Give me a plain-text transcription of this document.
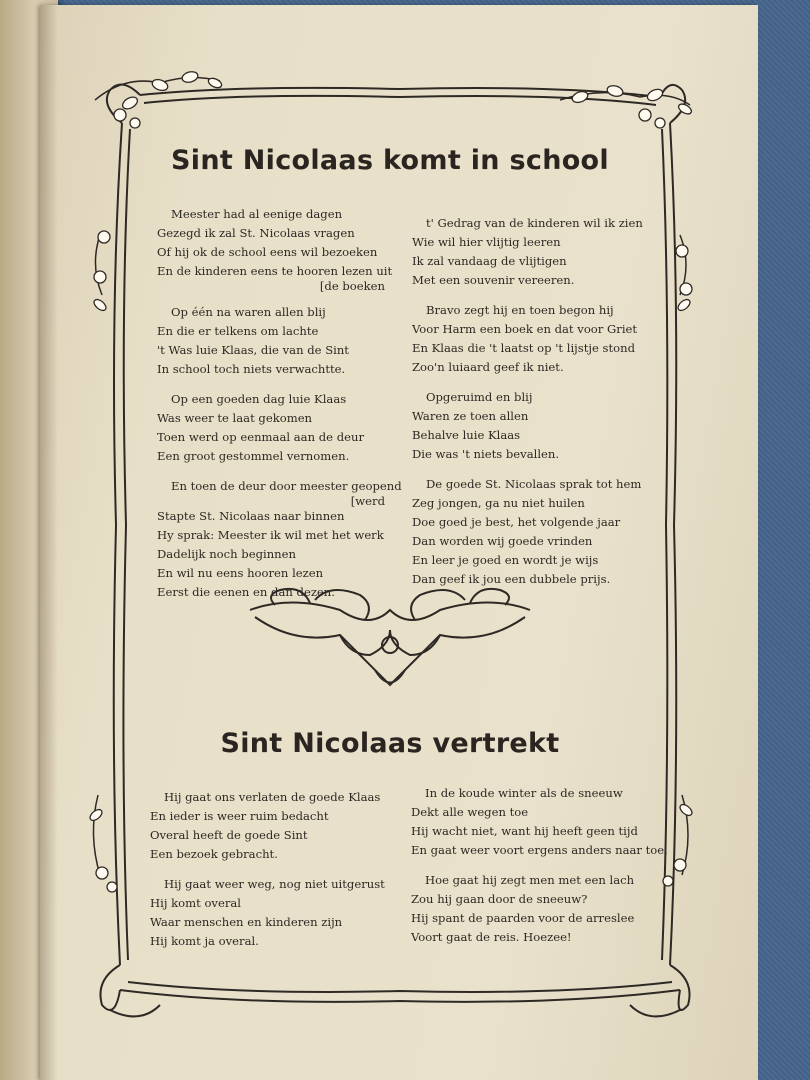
Sint Nicolaas komt in school
Meester had al eenige dagen
Gezegd ik zal St. Nicolaas vragen
Of hij ok de school eens wil bezoeken
En de kinderen eens te hooren lezen uit
[de boeken
Op één na waren allen blij
En die er telkens om lachte
't Was luie Klaas, die van de Sint
In school toch niets verwachtte.
Op een goeden dag luie Klaas
Was weer te laat gekomen
Toen werd op eenmaal aan de deur
Een groot gestommel vernomen.
En toen de deur door meester geopend
[werd
Stapte St. Nicolaas naar binnen
Hy sprak: Meester ik wil met het werk
Dadelijk noch beginnen
En wil nu eens hooren lezen
Eerst die eenen en dan dezen.
t' Gedrag van de kinderen wil ik zien
Wie wil hier vlijtig leeren
Ik zal vandaag de vlijtigen
Met een souvenir vereeren.
Bravo zegt hij en toen begon hij
Voor Harm een boek en dat voor Griet
En Klaas die 't laatst op 't lijstje stond
Zoo'n luiaard geef ik niet.
Opgeruimd en blij
Waren ze toen allen
Behalve luie Klaas
Die was 't niets bevallen.
De goede St. Nicolaas sprak tot hem
Zeg jongen, ga nu niet huilen
Doe goed je best, het volgende jaar
Dan worden wij goede vrinden
En leer je goed en wordt je wijs
Dan geef ik jou een dubbele prijs.
Sint Nicolaas vertrekt
Hij gaat ons verlaten de goede Klaas
En ieder is weer ruim bedacht
Overal heeft de goede Sint
Een bezoek gebracht.
Hij gaat weer weg, nog niet uitgerust
Hij komt overal
Waar menschen en kinderen zijn
Hij komt ja overal.
In de koude winter als de sneeuw
Dekt alle wegen toe
Hij wacht niet, want hij heeft geen tijd
En gaat weer voort ergens anders naar toe.
Hoe gaat hij zegt men met een lach
Zou hij gaan door de sneeuw?
Hij spant de paarden voor de arreslee
Voort gaat de reis. Hoezee!
